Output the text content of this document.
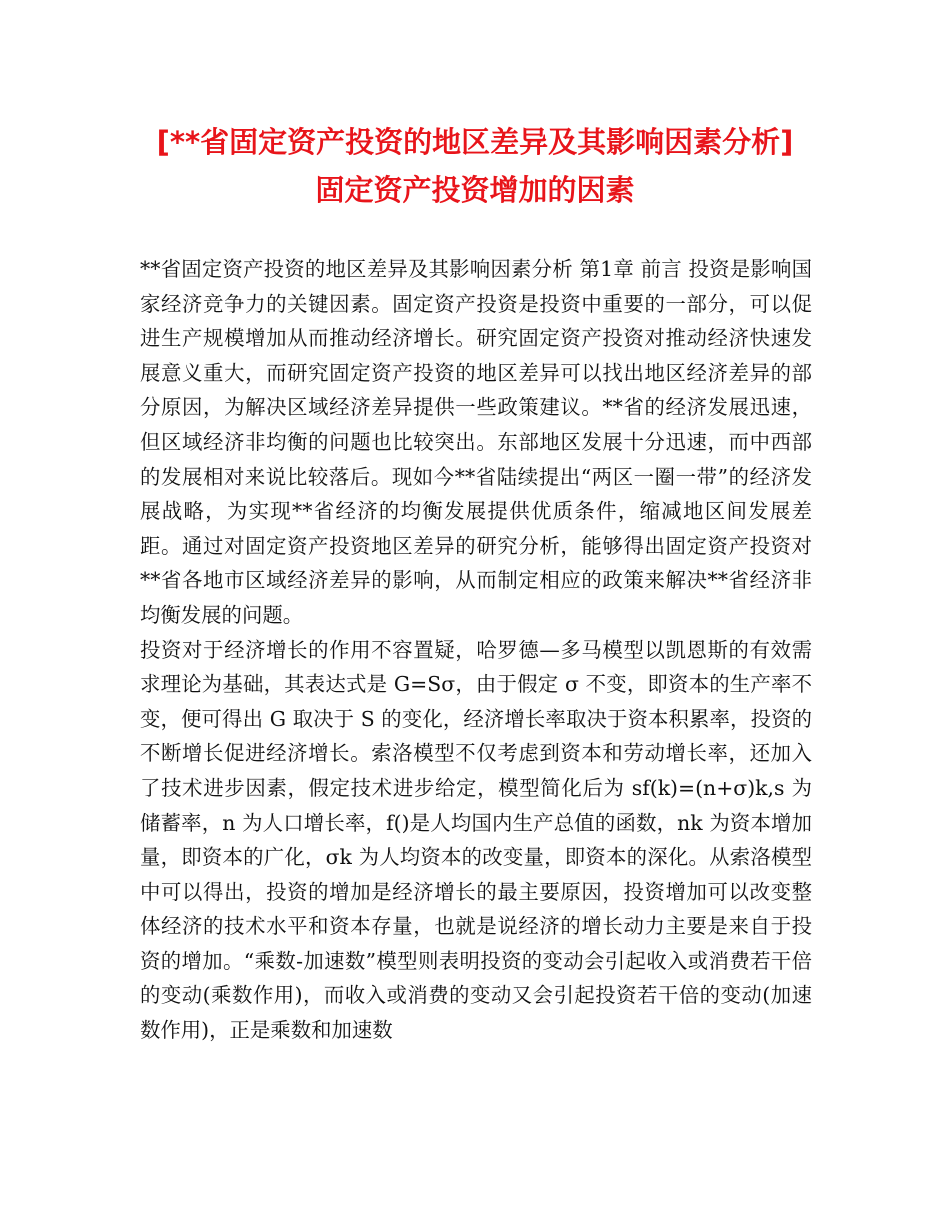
[**省固定资产投资的地区差异及其影响因素分析] 固定资产投资增加的因素

**省固定资产投资的地区差异及其影响因素分析 第1章 前言 投资是影响国家经济竞争力的关键因素。固定资产投资是投资中重要的一部分，可以促进生产规模增加从而推动经济增长。研究固定资产投资对推动经济快速发展意义重大，而研究固定资产投资的地区差异可以找出地区经济差异的部分原因，为解决区域经济差异提供一些政策建议。**省的经济发展迅速，但区域经济非均衡的问题也比较突出。东部地区发展十分迅速，而中西部的发展相对来说比较落后。现如今**省陆续提出“两区一圈一带”的经济发展战略，为实现**省经济的均衡发展提供优质条件，缩减地区间发展差距。通过对固定资产投资地区差异的研究分析，能够得出固定资产投资对**省各地市区域经济差异的影响，从而制定相应的政策来解决**省经济非均衡发展的问题。

投资对于经济增长的作用不容置疑，哈罗德—多马模型以凯恩斯的有效需求理论为基础，其表达式是 G=Sσ，由于假定 σ 不变，即资本的生产率不变，便可得出 G 取决于 S 的变化，经济增长率取决于资本积累率，投资的不断增长促进经济增长。索洛模型不仅考虑到资本和劳动增长率，还加入了技术进步因素，假定技术进步给定，模型简化后为 sf(k)=(n+σ)k,s 为储蓄率，n 为人口增长率，f()是人均国内生产总值的函数，nk 为资本增加量，即资本的广化，σk 为人均资本的改变量，即资本的深化。从索洛模型中可以得出，投资的增加是经济增长的最主要原因，投资增加可以改变整体经济的技术水平和资本存量，也就是说经济的增长动力主要是来自于投资的增加。“乘数-加速数”模型则表明投资的变动会引起收入或消费若干倍的变动(乘数作用)，而收入或消费的变动又会引起投资若干倍的变动(加速数作用)，正是乘数和加速数
